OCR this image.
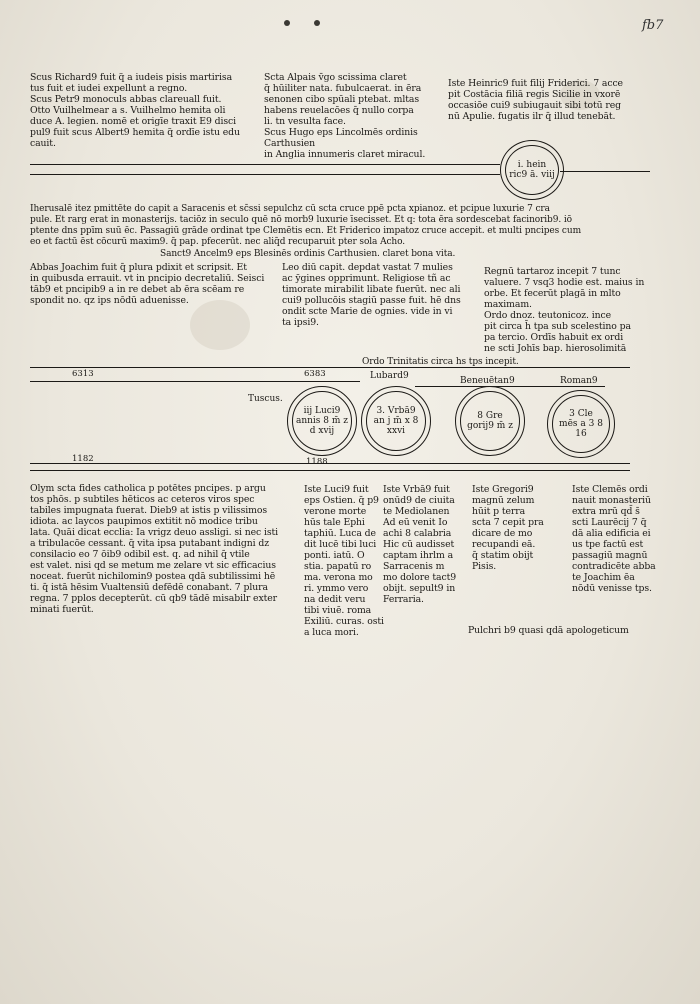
fb7
Scus Richard9 fuit q̃ a iudeis pisis martirisa
tus fuit et iudei expellunt a regno.
Scus Petr9 monoculs abbas clareuall fuit.
Otto Vuilhelmear a s. Vuilhelmo hemita oli
duce A. legien. nomē et origīe traxit E9 disci
pul9 fuit scus Albert9 hemita q̃ ordīe istu edu
cauit.
Scta Alpais v̄go scissima claret
q̄ hūiliter nata. fubulcaerat. in ēra
senonen cibo spūali ptebat. mltas
habens reuelacōes q̄ nullo corpa
li. tn vesulta face.
Scus Hugo eps Lincolmēs ordinis Carthusien
in Anglia innumeris claret miracul.
Iste Heinric9 fuit filij Friderici. 7 acce
pit Costācia filiā regis Sicilie in vxorē
occasiōe cui9 subiugauit sibi totū reg
nū Apulie. fugatis ilr q̄ illud tenebāt.
i. hein
ric9 ā. viij
Iherusalē itez pmittēte do capit a Saracenis et sc̄ssi sepulchz cū scta cruce ppē pcta xpianoz. et pcipue luxurie 7 cra
pule. Et rarg erat in monasterijs. taciōz in seculo quē nō morb9 luxurie īsecisset. Et q: tota ēra sordescebat facinorib9. iō
ptente dns ppīm suū ēc. Passagiū grāde ordinat tpe Clemētis ecn. Et Friderico impatoz cruce accepit. et multi pncipes cum
eo et factū ēst cōcurū maxim9. q̄ pap. pfecerūt. nec aliq̄d recuparuit pter sola Acho.
Sanct9 Ancelm9 eps Blesinēs ordinis Carthusien. claret bona vita.
Abbas Joachim fuit q̄ plura pdixit et scripsit. Et
in quibusda errauit. vt in pncipio decretaliū. Seisci
tāb9 et pncipib9 a in re debet ab ēra scēam re
spondit no. qz ips nōdū aduenisse.
Leo diū capit. depdat vastat 7 mulies
ac ȳgines opprimunt. Religiose tñ ac
timorate mirabilit libate fuerūt. nec ali
cui9 pollucōis stagiū passe fuit. hē dns
ondit scte Marie de ognies. vide in vi
ta ipsi9.
Regnū tartaroz incepit 7 tunc
valuere. 7 vsq3 hodie est. maius in
orbe. Et fecerūt plagā in mlto
maximam.
Ordo dnoz. teutonicoz. ince
pit circa h̄ tpa sub scelestino pa
pa tercio. Ordīs habuit ex ordi
ne scti Johīs bap. hierosolimitā
Ordo Trinitatis circa hs tps incepit.
6313	6383	Lubard9	Beneuētan9	Roman9
Tuscus.
iij Luci9
annis 8 m̄ z
d xvij
3. Vrbā9
an j m̄ x 8
xxvi
8 Gre
gorij9 m̄ z
3 Cle
mēs a 3 8
16
1182	1188
Olym scta fides catholica p potētes pncipes. p argu
tos phōs. p subtiles hēticos ac ceteros viros spec
tabiles impugnata fuerat. Dieb9 at istis p vilissimos
idiota. ac laycos paupimos extitit nō modice tribu
lata. Quāi dicat ecclia: Ia vrigz deuo assligi. si nec isti
a tribulacōe cessant. q̄ vita ipsa putabant indigni dz
consilacio eo 7 ōib9 odibil est. q. ad nihil q̄ vtile
est valet. nisi qd se metum me zelare vt sic efficacius
noceat. fuerūt nichilomin9 postea qdā subtilissimi hē
ti. q̄ istā hēsim Vualtensiū defēdē conabant. 7 plura
regna. 7 pplos decepterūt. cū qb9 tādē misabilr exter
minati fuerūt.
Iste Luci9 fuit
eps Ostien. q̄ p9
verone morte
hūs tale Ephi
taphiū. Luca de
dit lucē tibi luci
ponti. iatū. O
stia. papatū ro
ma. verona mo
ri. ymmo vero
na dedit veru
tibi viuē. roma
Exiliū. curas. osti a luca mori.
Iste Vrbā9 fuit
onūd9 de ciuita
te Mediolanen
Ad eū venit Io
achi 8 calabria
Hic cū audisset
captam ihrlm a
Sarracenis m
mo dolore tact9
obijt. sepult9 in
Ferraria.
Iste Gregori9
magnū zelum
hūit p terra
scta 7 cepit pra
dicare de mo
recupandi eā.
q̄ statim obijt
Pisis.
Iste Clemēs ordi
nauit monasteriū
extra mrū qd̄ s̄
scti Laurēcij 7 q̄
dā alia edificia ei
us tpe factū est
passagiū magnū
contradicēte abba
te Joachim ēa
nōdū venisse tps.
Pulchri b9 quasi qdā apologeticum
